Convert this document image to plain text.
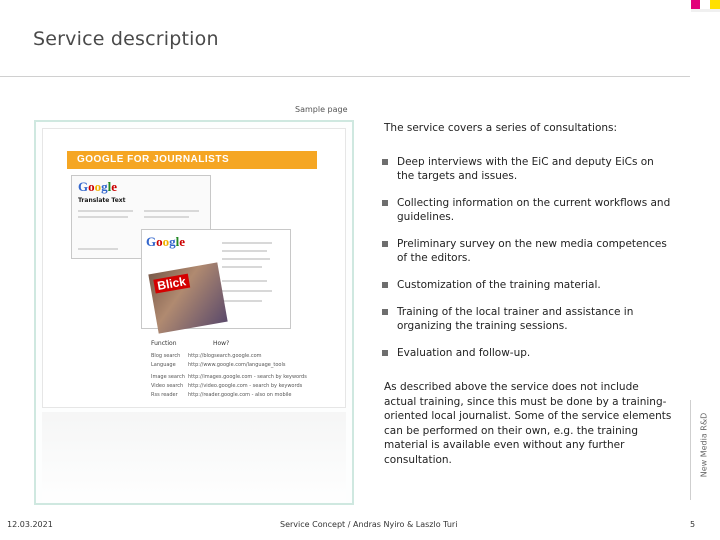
Service description
New Media R&D
Sample page
GOOGLE FOR JOURNALISTS
Google
Translate Text
Google
Blick
Function	How?
Blog search http://blogsearch.google.com
Language http://www.google.com/language_tools
Image search http://images.google.com - search by keywords
Video search http://video.google.com - search by keywords
Rss reader http://reader.google.com - also on mobile
The service covers a series of consultations:
Deep interviews with the EiC and deputy EiCs on the targets and issues.
Collecting information on the current workflows and guidelines.
Preliminary survey on the new media competences of the editors.
Customization of the training material.
Training of the local trainer and assistance in organizing the training sessions.
Evaluation and follow-up.
As described above the service does not include actual training, since this must be done by a training-oriented local journalist. Some of the service elements can be performed on their own, e.g. the training material is available even without any further consultation.
12.03.2021	Service Concept / Andras Nyiro & Laszlo Turi	5
